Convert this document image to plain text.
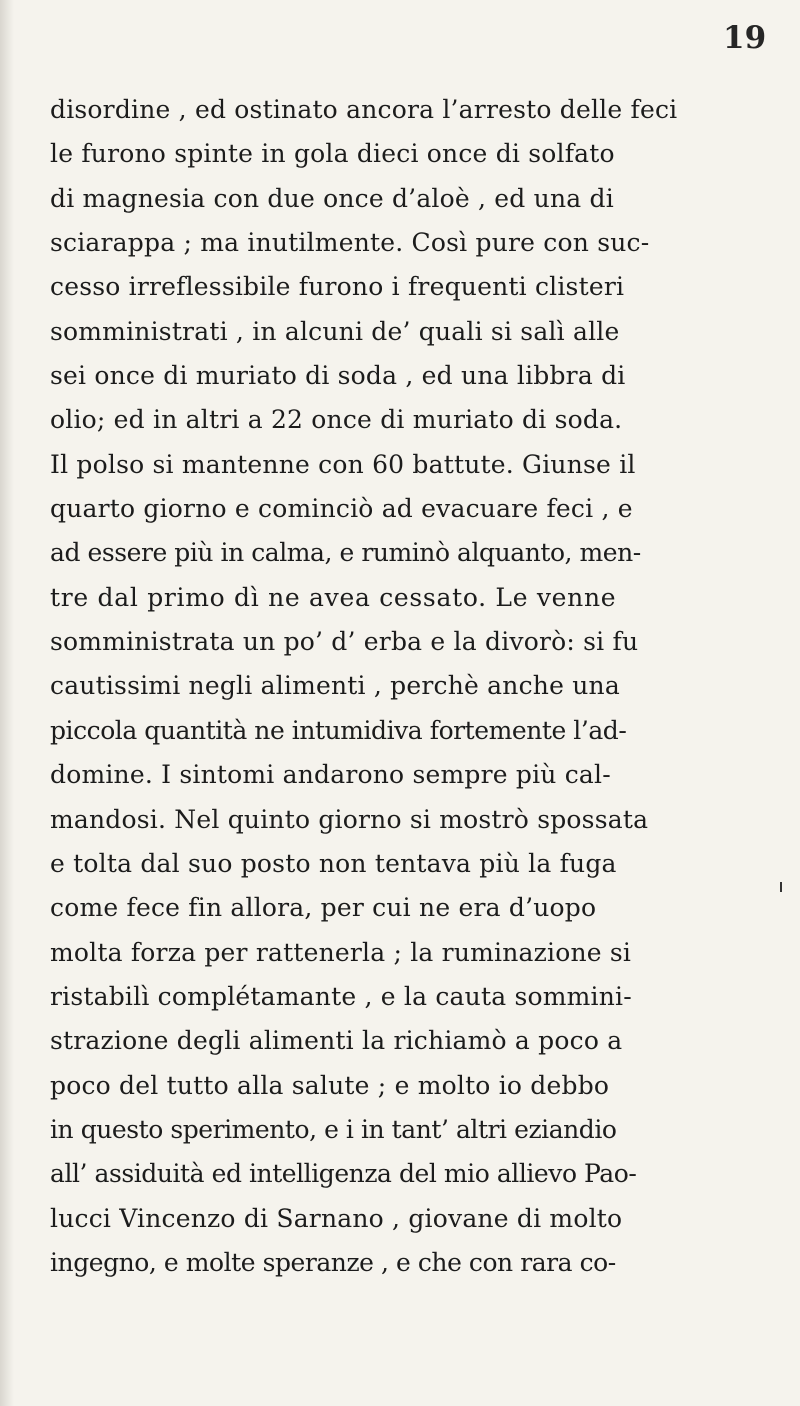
19
disordine , ed ostinato ancora l’arresto delle feci
le furono spinte in gola dieci once di solfato
di magnesia con due once d’aloè , ed una di
sciarappa ; ma inutilmente. Così pure con suc-
cesso irreflessibile furono i frequenti clisteri
somministrati , in alcuni de’ quali si salì alle
sei once di muriato di soda , ed una libbra di
olio; ed in altri a 22 once di muriato di soda.
Il polso si mantenne con 60 battute. Giunse il
quarto giorno e cominciò ad evacuare feci , e
ad essere più in calma, e ruminò alquanto, men-
tre dal primo dì ne avea cessato. Le venne
somministrata un po’ d’ erba e la divorò: si fu
cautissimi negli alimenti , perchè anche una
piccola quantità ne intumidiva fortemente l’ad-
domine. I sintomi andarono sempre più cal-
mandosi. Nel quinto giorno si mostrò spossata
e tolta dal suo posto non tentava più la fuga
come fece fin allora, per cui ne era d’uopo
molta forza per rattenerla ; la ruminazione si
ristabilì complétamante , e la cauta sommini-
strazione degli alimenti la richiamò a poco a
poco del tutto alla salute ; e molto io debbo
in questo sperimento, e i in tant’ altri eziandio
all’ assiduità ed intelligenza del mio allievo Pao-
lucci Vincenzo di Sarnano , giovane di molto
ingegno, e molte speranze , e che con rara co-
